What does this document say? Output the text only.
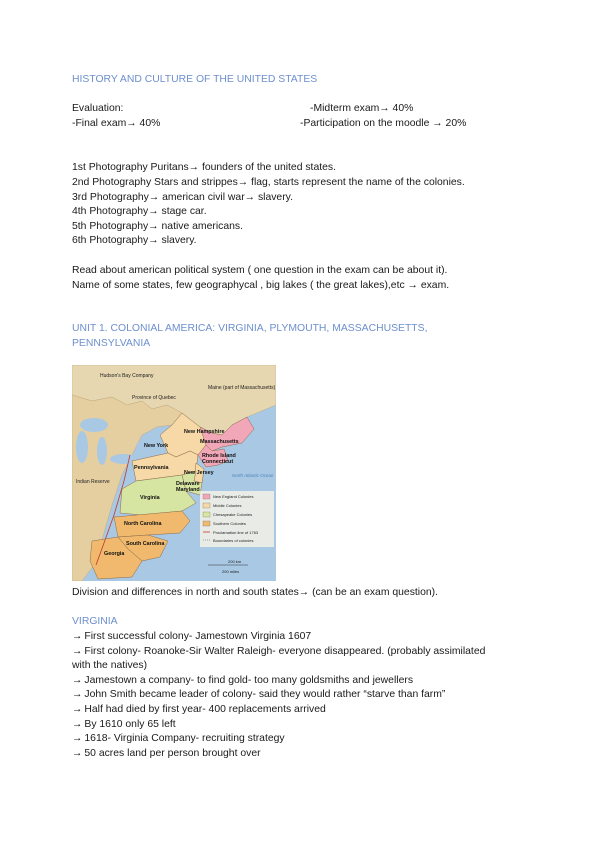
HISTORY AND CULTURE OF THE UNITED STATES
Evaluation:	-Midterm exam→ 40%
-Final exam→ 40%	-Participation on the moodle → 20%
1st Photography Puritans→ founders of the united states.
2nd Photography Stars and strippes→ flag, starts represent the name of the colonies.
3rd Photography→ american civil war→ slavery.
4th Photography→ stage car.
5th Photography→ native americans.
6th Photography→ slavery.
Read about american political system ( one question in the exam can be about it).
Name of some states, few geographycal , big lakes ( the great lakes),etc → exam.
UNIT 1. COLONIAL AMERICA: VIRGINIA, PLYMOUTH, MASSACHUSETTS,
PENNSYLVANIA
Hudson's Bay Company
Province of Quebec
Maine (part of Massachusetts)
New Hampshire
Massachusetts
New York
Rhode Island
Connecticut
Pennsylvania
New Jersey
Delaware
Maryland
Virginia
North Carolina
South Carolina
Georgia
Indian Reserve
North Atlantic Ocean
New England Colonies
Middle Colonies
Chesapeake Colonies
Southern Colonies
Proclamation line of 1763
Boundaries of colonies
200 km
200 miles
Division and differences in north and south states→ (can be an exam question).
VIRGINIA
→ First successful colony- Jamestown Virginia 1607
→ First colony- Roanoke-Sir Walter Raleigh- everyone disappeared. (probably assimilated
with the natives)
→ Jamestown a company- to find gold- too many goldsmiths and jewellers
→ John Smith became leader of colony- said they would rather “starve than farm”
→ Half had died by first year- 400 replacements arrived
→ By 1610 only 65 left
→ 1618- Virginia Company- recruiting strategy
→ 50 acres land per person brought over
